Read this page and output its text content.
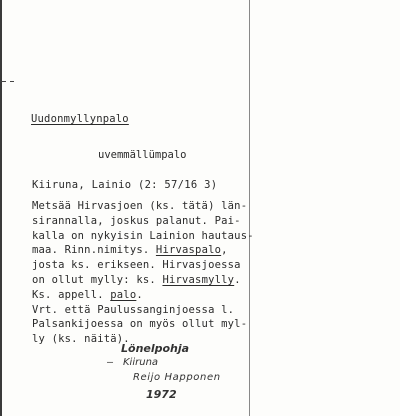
Uudonmyllynpalo
uvemmällümpalo
Kiiruna, Lainio (2: 57/16 3)
Metsää Hirvasjoen (ks. tätä) län-
sirannalla, joskus palanut. Pai-
kalla on nykyisin Lainion hautaus-
maa. Rinn.nimitys. Hirvaspalo,
josta ks. erikseen. Hirvasjoessa
on ollut mylly: ks. Hirvasmylly.
Ks. appell. palo.
Vrt. että Paulussanginjoessa l.
Palsankijoessa on myös ollut myl-
ly (ks. näitä).
–
Lönelpohja
Kiiruna
Reijo Happonen
1972
